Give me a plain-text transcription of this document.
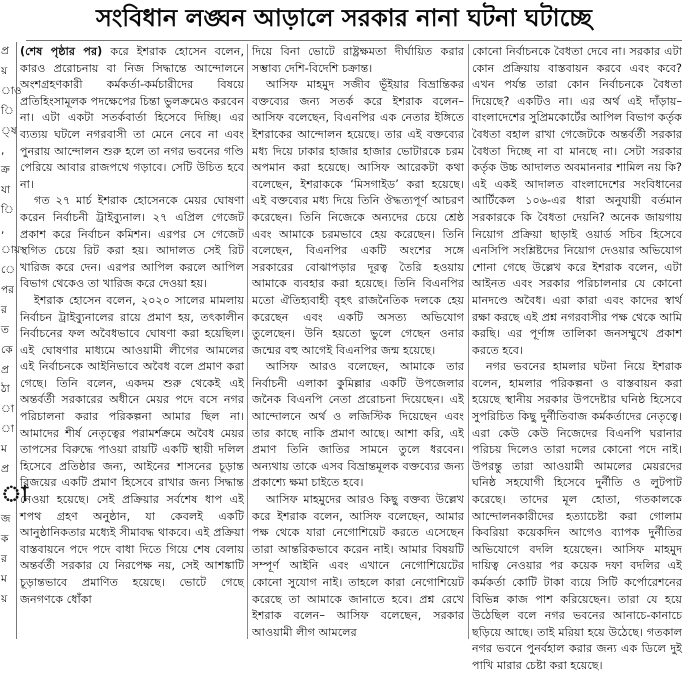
সংবিধান লঙ্ঘন আড়ালে সরকার নানা ঘটনা ঘটাচ্ছে
প্র
য়
াও
ি
্ষ
,
ক্র
যা
ি
,
ায়
ে
পর
র
ত
কে
প্র
ঠা
া
া
ম
প্র
া
জ
ক
র
ম
য়

(শেষ পৃষ্ঠার পর) করে ইশরাক হোসেন বলেন, কারও প্ররোচনায় বা নিজ সিদ্ধান্তে আন্দোলনে অংশগ্রহণকারী কর্মকর্তা-কর্মচারীদের বিষয়ে প্রতিহিংসামূলক পদক্ষেপের চিন্তা ভুলক্রমেও করবেন না। এটা একটা সতর্কবার্তা হিসেবে দিচ্ছি। এর ব্যত্যয় ঘটলে নগরবাসী তা মেনে নেবে না এবং পুনরায় আন্দোলন শুরু হলে তা নগর ভবনের গণ্ডি পেরিয়ে আবার রাজপথে গড়াবে। সেটি উচিত হবে না।

গত ২৭ মার্চ ইশরাক হোসেনকে মেয়র ঘোষণা করেন নির্বাচনী ট্রাইব্যুনাল। ২৭ এপ্রিল গেজেট প্রকাশ করে নির্বাচন কমিশন। এরপর সে গেজেট স্থগিত চেয়ে রিট করা হয়। আদালত সেই রিট খারিজ করে দেন। এরপর আপিল করলে আপিল বিভাগ থেকেও তা খারিজ করে দেওয়া হয়।

ইশরাক হোসেন বলেন, ২০২০ সালের মামলায় নির্বাচন ট্রাইব্যুনালের রায়ে প্রমাণ হয়, তৎকালীন নির্বাচনের ফল অবৈধভাবে ঘোষণা করা হয়েছিল। এই ঘোষণার মাধ্যমে আওয়ামী লীগের আমলের এই নির্বাচনকে আইনিভাবে অবৈধ বলে প্রমাণ করা গেছে। তিনি বলেন, একদম শুরু থেকেই এই অন্তর্বর্তী সরকারের অধীনে মেয়র পদে বসে নগর পরিচালনা করার পরিকল্পনা আমার ছিল না। আমাদের শীর্ষ নেতৃত্বের পরামর্শক্রমে অবৈধ মেয়র তাপসের বিরুদ্ধে পাওয়া রায়টি একটি স্থায়ী দলিল হিসেবে প্রতিষ্ঠার জন্য, আইনের শাসনের চূড়ান্ত বিজয়ের একটি প্রমাণ হিসেবে রাখার জন্য সিদ্ধান্ত নেওয়া হয়েছে। সেই প্রক্রিয়ার সর্বশেষ ধাপ এই শপথ গ্রহণ অনুষ্ঠান, যা কেবলই একটি আনুষ্ঠানিকতার মধ্যেই সীমাবদ্ধ থাকবে। এই প্রক্রিয়া বাস্তবায়নে পদে পদে বাধা দিতে গিয়ে শেষ বেলায় অন্তর্বর্তী সরকার যে নিরপেক্ষ নয়, সেই আশঙ্কাটি চূড়ান্তভাবে প্রমাণিত হয়েছে। ভোটে গেছে জনগণকে ধোঁকা

দিয়ে বিনা ভোটে রাষ্ট্রক্ষমতা দীর্ঘায়িত করার সম্ভাব্য দেশি-বিদেশি চক্রান্ত।

আসিফ মাহমুদ সজীব ভূঁইয়ার বিভ্রান্তিকর বক্তব্যের জন্য সতর্ক করে ইশরাক বলেন– আসিফ বলেছেন, বিএনপির এক নেতার ইঙ্গিতে ইশরাকের আন্দোলন হয়েছে। তার এই বক্তব্যের মধ্য দিয়ে ঢাকার হাজার হাজার ভোটারকে চরম অপমান করা হয়েছে। আসিফ আরেকটা কথা বলেছেন, ইশরাককে ‘মিসগাইড’ করা হয়েছে। এই বক্তব্যের মধ্য দিয়ে তিনি ঔদ্ধত্যপূর্ণ আচরণ করেছেন। তিনি নিজেকে অন্যদের চেয়ে শ্রেষ্ঠ এবং আমাকে চরমভাবে হেয় করেছেন। তিনি বলেছেন, বিএনপির একটি অংশের সঙ্গে সরকারের বোঝাপড়ার দূরত্ব তৈরি হওয়ায় আমাকে ব্যবহার করা হয়েছে। তিনি বিএনপির মতো ঐতিহ্যবাহী বৃহৎ রাজনৈতিক দলকে হেয় করেছেন এবং একটি অসত্য অভিযোগ তুলেছেন। উনি হয়তো ভুলে গেছেন ওনার জন্মের বহু আগেই বিএনপির জন্ম হয়েছে।

আসিফ আরও বলেছেন, আমাকে তার নির্বাচনী এলাকা কুমিল্লার একটি উপজেলার জনৈক বিএনপি নেতা প্ররোচনা দিয়েছেন। এই আন্দোলনে অর্থ ও লজিস্টিক দিয়েছেন এবং তার কাছে নাকি প্রমাণ আছে। আশা করি, এই প্রমাণ তিনি জাতির সামনে তুলে ধরবেন। অন্যথায় তাকে এসব বিভ্রান্তমূলক বক্তব্যের জন্য প্রকাশ্যে ক্ষমা চাইতে হবে।

আসিফ মাহমুদের আরও কিছু বক্তব্য উল্লেখ করে ইশরাক বলেন, আসিফ বলেছেন, আমার পক্ষ থেকে যারা নেগোশিয়েট করতে এসেছেন তারা আন্তরিকভাবে করেন নাই। আমার বিষয়টি সম্পূর্ণ আইনি এবং এখানে নেগোশিয়েটের কোনো সুযোগ নাই। তাহলে কারা নেগোশিয়েট করেছে তা আমাকে জানাতে হবে। প্রশ্ন রেখে ইশরাক বলেন– আসিফ বলেছেন, সরকার আওয়ামী লীগ আমলের

কোনো নির্বাচনকে বৈধতা দেবে না। সরকার এটা কোন প্রক্রিয়ায় বাস্তবায়ন করবে এবং কবে? এখন পর্যন্ত তারা কোন নির্বাচনকে বৈধতা দিয়েছে? একটিও না। এর অর্থ এই দাঁড়ায়– বাংলাদেশের সুপ্রিমকোর্টের আপিল বিভাগ কর্তৃক বৈধতা বহাল রাখা গেজেটকে অন্তর্বর্তী সরকার বৈধতা দিচ্ছে না বা মানছে না। সেটা সরকার কর্তৃক উচ্চ আদালত অবমাননার শামিল নয় কি? এই একই আদালত বাংলাদেশের সংবিধানের আর্টিকেল ১০৬-এর ধারা অনুযায়ী বর্তমান সরকারকে কি বৈধতা দেয়নি? অনেক জায়গায় নিয়োগ প্রক্রিয়া ছাড়াই ওয়ার্ড সচিব হিসেবে এনসিপি সংশ্লিষ্টদের নিয়োগ দেওয়ার অভিযোগ শোনা গেছে উল্লেখ করে ইশরাক বলেন, এটা আইনত এবং সরকার পরিচালনার যে কোনো মানদণ্ডে অবৈধ। এরা কারা এবং কাদের স্বার্থ রক্ষা করছে এই প্রশ্ন নগরবাসীর পক্ষ থেকে আমি করছি। এর পূর্ণাঙ্গ তালিকা জনসম্মুখে প্রকাশ করতে হবে।

নগর ভবনের হামলার ঘটনা নিয়ে ইশরাক বলেন, হামলার পরিকল্পনা ও বাস্তবায়ন করা হয়েছে স্থানীয় সরকার উপদেষ্টার ঘনিষ্ঠ হিসেবে সুপরিচিত কিছু দুর্নীতিবাজ কর্মকর্তাদের নেতৃত্বে। এরা কেউ কেউ নিজেদের বিএনপি ঘরানার পরিচয় দিলেও তারা দলের কোনো পদে নাই। উপরন্তু তারা আওয়ামী আমলের মেয়রদের ঘনিষ্ঠ সহযোগী হিসেবে দুর্নীতি ও লুটপাট করেছে। তাদের মূল হোতা, গতকালকে আন্দোলনকারীদের হত্যাচেষ্টা করা গোলাম কিবরিয়া কয়েকদিন আগেও ব্যাপক দুর্নীতির অভিযোগে বদলি হয়েছেন। আসিফ মাহমুদ দায়িত্ব নেওয়ার পর কয়েক দফা বদলির এই কর্মকর্তা কোটি টাকা ব্যয়ে সিটি কর্পোরেশনের বিভিন্ন কাজ পাশ করিয়েছেন। তারা যে হয়ে উঠেছিল বলে নগর ভবনের আনাচে-কানাচে ছড়িয়ে আছে। তাই মরিয়া হয়ে উঠেছে। গতকাল নগর ভবনে পুনর্বহাল করার জন্য এক ডিলে দুই পাখি মারার চেষ্টা করা হয়েছে।
